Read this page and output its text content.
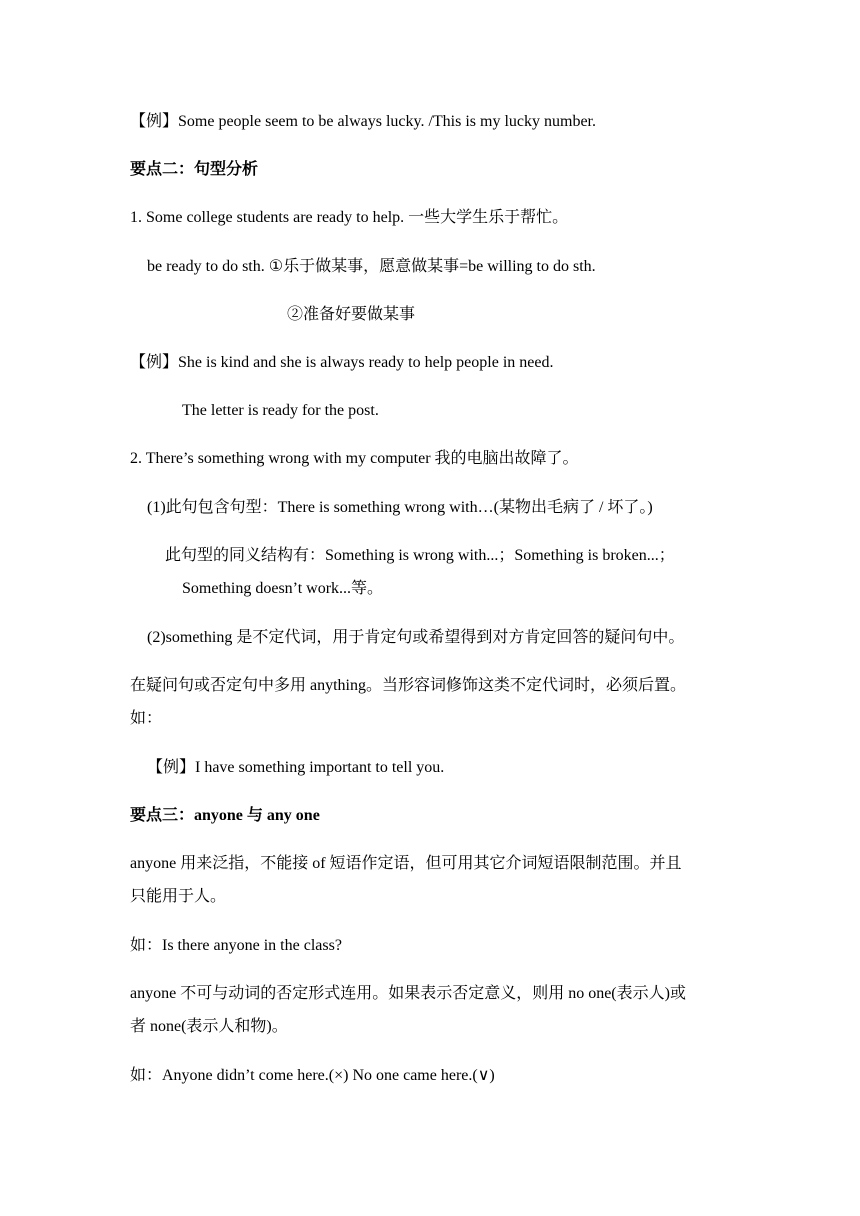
【例】Some people seem to be always lucky. /This is my lucky number.
要点二：句型分析
1. Some college students are ready to help. 一些大学生乐于帮忙。
be ready to do sth. ①乐于做某事，愿意做某事=be willing to do sth.
②准备好要做某事
【例】She is kind and she is always ready to help people in need.
The letter is ready for the post.
2. There’s something wrong with my computer 我的电脑出故障了。
(1)此句包含句型：There is something wrong with…(某物出毛病了 / 坏了。)
此句型的同义结构有：Something is wrong with...；Something is broken...；
Something doesn’t work...等。
(2)something 是不定代词，用于肯定句或希望得到对方肯定回答的疑问句中。
在疑问句或否定句中多用 anything。当形容词修饰这类不定代词时，必须后置。
如：
【例】I have something important to tell you.
要点三：anyone 与 any one
anyone 用来泛指，不能接 of 短语作定语，但可用其它介词短语限制范围。并且
只能用于人。
如：Is there anyone in the class?
anyone 不可与动词的否定形式连用。如果表示否定意义，则用 no one(表示人)或
者 none(表示人和物)。
如：Anyone didn’t come here.(×) No one came here.(∨)
